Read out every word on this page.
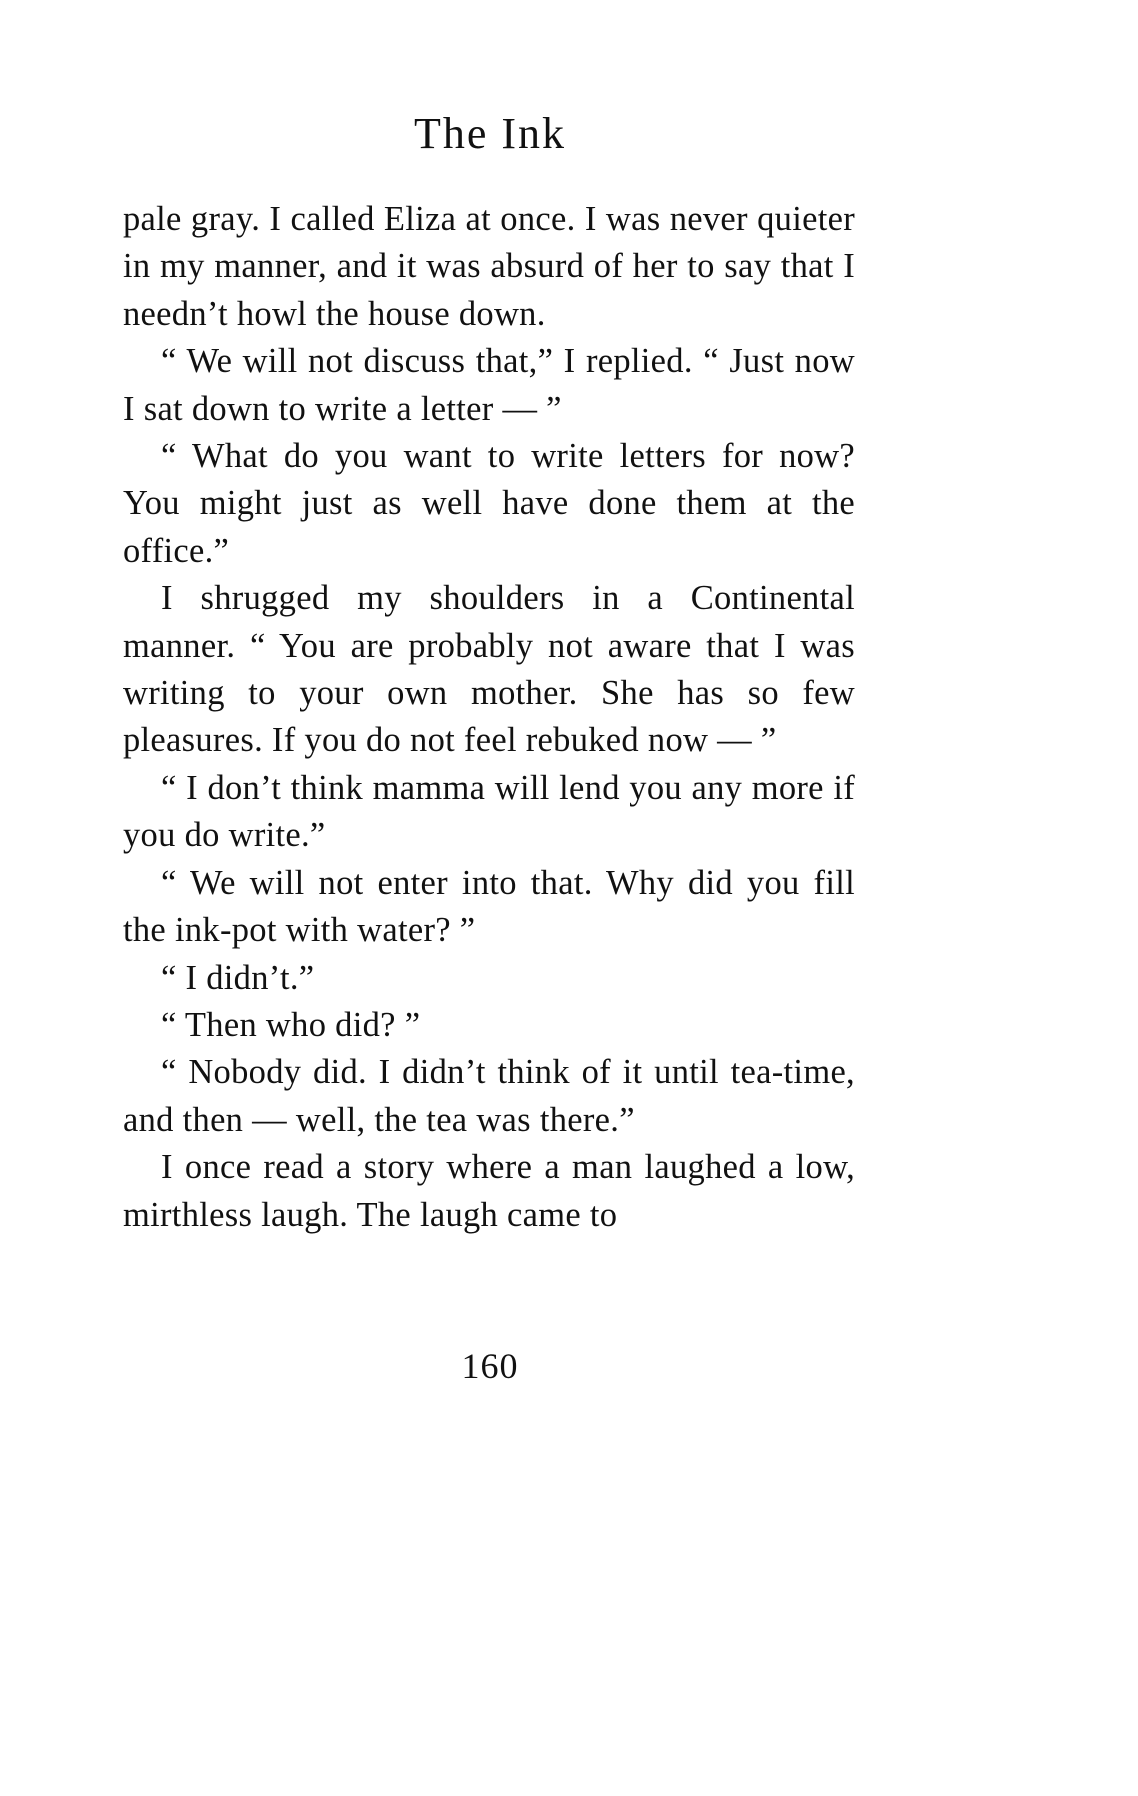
The Ink

pale gray. I called Eliza at once. I was never quieter in my manner, and it was absurd of her to say that I needn’t howl the house down.

“ We will not discuss that,” I replied. “ Just now I sat down to write a letter — ”

“ What do you want to write letters for now? You might just as well have done them at the office.”

I shrugged my shoulders in a Continental manner. “ You are probably not aware that I was writing to your own mother. She has so few pleasures. If you do not feel rebuked now — ”

“ I don’t think mamma will lend you any more if you do write.”

“ We will not enter into that. Why did you fill the ink-pot with water? ”

“ I didn’t.”

“ Then who did? ”

“ Nobody did. I didn’t think of it until tea-time, and then — well, the tea was there.”

I once read a story where a man laughed a low, mirthless laugh. The laugh came to

160
